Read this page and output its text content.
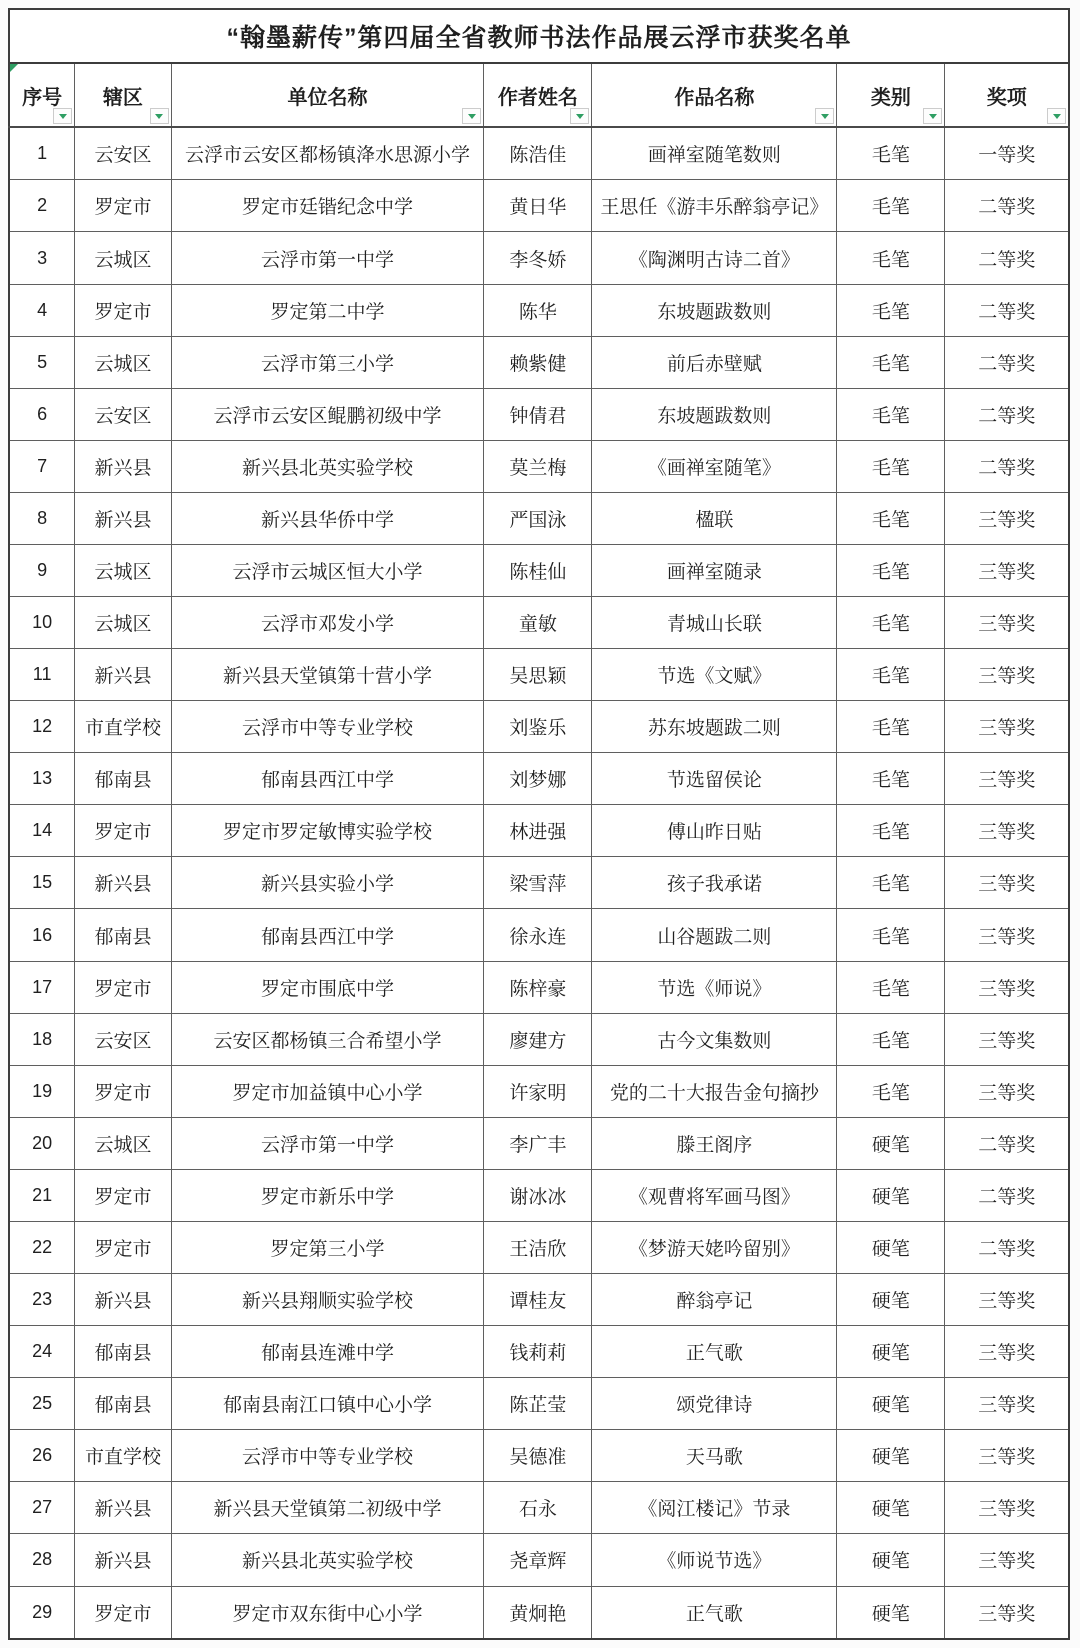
“翰墨薪传”第四届全省教师书法作品展云浮市获奖名单						

序号	辖区	单位名称	作者姓名	作品名称	类别	奖项

1	云安区	云浮市云安区都杨镇洚水思源小学	陈浩佳	画禅室随笔数则	毛笔	一等奖
2	罗定市	罗定市廷锴纪念中学	黄日华	王思任《游丰乐醉翁亭记》	毛笔	二等奖
3	云城区	云浮市第一中学	李冬娇	《陶渊明古诗二首》	毛笔	二等奖
4	罗定市	罗定第二中学	陈华	东坡题跋数则	毛笔	二等奖
5	云城区	云浮市第三小学	赖紫健	前后赤壁赋	毛笔	二等奖
6	云安区	云浮市云安区鲲鹏初级中学	钟倩君	东坡题跋数则	毛笔	二等奖
7	新兴县	新兴县北英实验学校	莫兰梅	《画禅室随笔》	毛笔	二等奖
8	新兴县	新兴县华侨中学	严国泳	楹联	毛笔	三等奖
9	云城区	云浮市云城区恒大小学	陈桂仙	画禅室随录	毛笔	三等奖
10	云城区	云浮市邓发小学	童敏	青城山长联	毛笔	三等奖
11	新兴县	新兴县天堂镇第十营小学	吴思颖	节选《文赋》	毛笔	三等奖
12	市直学校	云浮市中等专业学校	刘鉴乐	苏东坡题跋二则	毛笔	三等奖
13	郁南县	郁南县西江中学	刘梦娜	节选留侯论	毛笔	三等奖
14	罗定市	罗定市罗定敏博实验学校	林进强	傅山昨日贴	毛笔	三等奖
15	新兴县	新兴县实验小学	梁雪萍	孩子我承诺	毛笔	三等奖
16	郁南县	郁南县西江中学	徐永连	山谷题跋二则	毛笔	三等奖
17	罗定市	罗定市围底中学	陈梓豪	节选《师说》	毛笔	三等奖
18	云安区	云安区都杨镇三合希望小学	廖建方	古今文集数则	毛笔	三等奖
19	罗定市	罗定市加益镇中心小学	许家明	党的二十大报告金句摘抄	毛笔	三等奖
20	云城区	云浮市第一中学	李广丰	滕王阁序	硬笔	二等奖
21	罗定市	罗定市新乐中学	谢冰冰	《观曹将军画马图》	硬笔	二等奖
22	罗定市	罗定第三小学	王洁欣	《梦游天姥吟留别》	硬笔	二等奖
23	新兴县	新兴县翔顺实验学校	谭桂友	醉翁亭记	硬笔	三等奖
24	郁南县	郁南县连滩中学	钱莉莉	正气歌	硬笔	三等奖
25	郁南县	郁南县南江口镇中心小学	陈芷莹	颂党律诗	硬笔	三等奖
26	市直学校	云浮市中等专业学校	吴德准	天马歌	硬笔	三等奖
27	新兴县	新兴县天堂镇第二初级中学	石永	《阅江楼记》节录	硬笔	三等奖
28	新兴县	新兴县北英实验学校	尧章辉	《师说节选》	硬笔	三等奖
29	罗定市	罗定市双东街中心小学	黄炯艳	正气歌	硬笔	三等奖
